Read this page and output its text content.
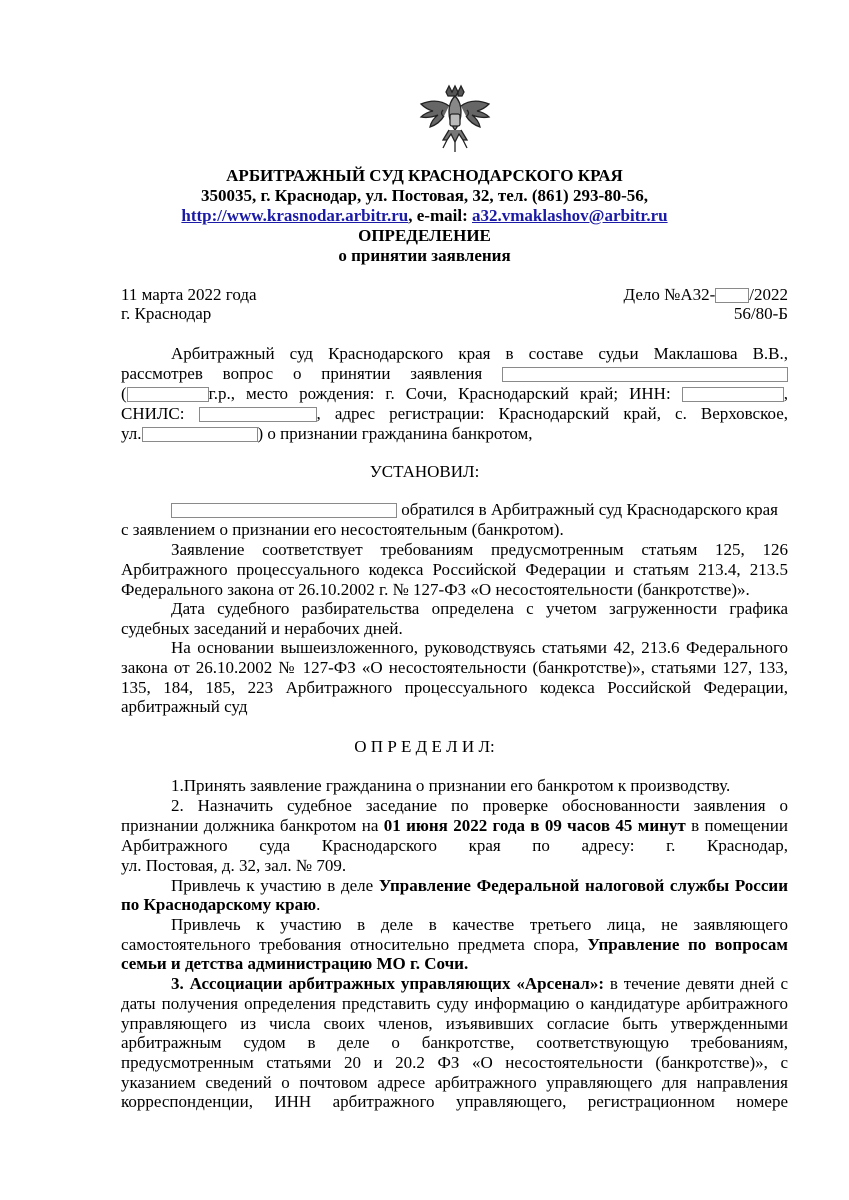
АРБИТРАЖНЫЙ СУД КРАСНОДАРСКОГО КРАЯ
350035, г. Краснодар, ул. Постовая, 32, тел. (861) 293-80-56,
http://www.krasnodar.arbitr.ru, e-mail: a32.vmaklashov@arbitr.ru
ОПРЕДЕЛЕНИЕ
о принятии заявления
11 марта 2022 года
г. Краснодар
Дело №А32- /2022
56/80-Б
Арбитражный суд Краснодарского края в составе судьи Маклашова В.В.,
рассмотрев вопрос о принятии заявления
(	г.р., место рождения: г. Сочи, Краснодарский край; ИНН:	,
СНИЛС:	, адрес регистрации: Краснодарский край, с. Верховское,
ул.	) о признании гражданина банкротом,
УСТАНОВИЛ:
обратился в Арбитражный суд Краснодарского края
с заявлением о признании его несостоятельным (банкротом).
Заявление соответствует требованиям предусмотренным статьям 125, 126
Арбитражного процессуального кодекса Российской Федерации и статьям 213.4, 213.5
Федерального закона от 26.10.2002 г. № 127-ФЗ «О несостоятельности (банкротстве)».
Дата судебного разбирательства определена с учетом загруженности графика
судебных заседаний и нерабочих дней.
На основании вышеизложенного, руководствуясь статьями 42, 213.6 Федерального
закона от 26.10.2002 № 127-ФЗ «О несостоятельности (банкротстве)», статьями 127, 133,
135, 184, 185, 223 Арбитражного процессуального кодекса Российской Федерации,
арбитражный суд
О П Р Е Д Е Л И Л:
1.Принять заявление гражданина о признании его банкротом к производству.
2. Назначить судебное заседание по проверке обоснованности заявления о
признании должника банкротом на 01 июня 2022 года в 09 часов 45 минут в помещении
Арбитражного суда Краснодарского края по адресу: г. Краснодар,
ул. Постовая, д. 32, зал. № 709.
Привлечь к участию в деле Управление Федеральной налоговой службы России
по Краснодарскому краю.
Привлечь к участию в деле в качестве третьего лица, не заявляющего
самостоятельного требования относительно предмета спора, Управление по вопросам
семьи и детства администрацию МО г. Сочи.
3. Ассоциации арбитражных управляющих «Арсенал»: в течение девяти дней с
даты получения определения представить суду информацию о кандидатуре арбитражного
управляющего из числа своих членов, изъявивших согласие быть утвержденными
арбитражным судом в деле о банкротстве, соответствующую требованиям,
предусмотренным статьями 20 и 20.2 ФЗ «О несостоятельности (банкротстве)», с
указанием сведений о почтовом адресе арбитражного управляющего для направления
корреспонденции, ИНН арбитражного управляющего, регистрационном номере
